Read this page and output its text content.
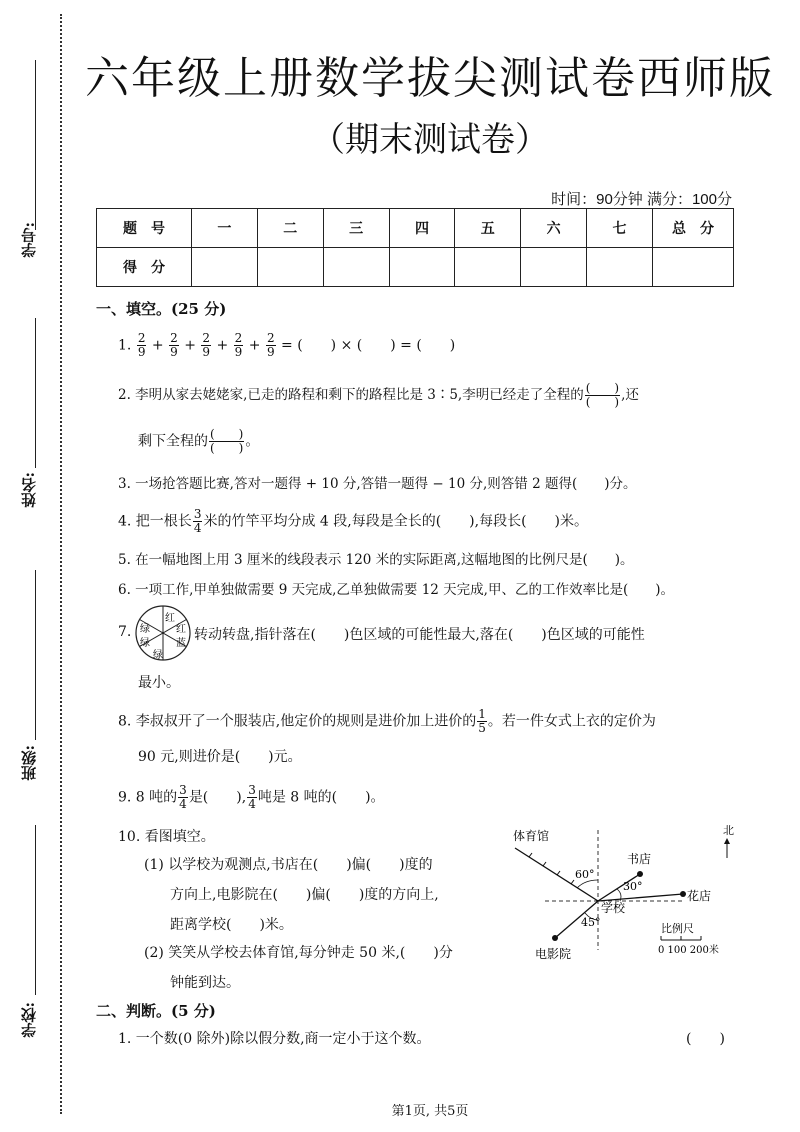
学号:
姓名:
班级:
学校:
六年级上册数学拔尖测试卷西师版
（期末测试卷）
时间：90分钟 满分：100分
题　号	一	二	三	四	五	六	七	总　分
得　分								
一、填空。(25 分)
1. $\frac{2}{9} + \frac{2}{9} + \frac{2}{9} + \frac{2}{9} + \frac{2}{9}$ = (　　) × (　　) = (　　)
2. 李明从家去姥姥家,已走的路程和剩下的路程比是 3∶5,李明已经走了全程的 $\frac{( )}{( )}$ ,还
剩下全程的 $\frac{( )}{( )}$ 。
3. 一场抢答题比赛,答对一题得 + 10 分,答错一题得 − 10 分,则答错 2 题得(　　)分。
4. 把一根长 $\frac{3}{4}$ 米的竹竿平均分成 4 段,每段是全长的(　　),每段长(　　)米。
5. 在一幅地图上用 3 厘米的线段表示 120 米的实际距离,这幅地图的比例尺是(　　)。
6. 一项工作,甲单独做需要 9 天完成,乙单独做需要 12 天完成,甲、乙的工作效率比是(　　)。
7.
红
红
绿
绿
绿
蓝
转动转盘,指针落在(　　)色区域的可能性最大,落在(　　)色区域的可能性
最小。
8. 李叔叔开了一个服装店,他定价的规则是进价加上进价的 $\frac{1}{5}$ 。若一件女式上衣的定价为
90 元,则进价是(　　)元。
9. 8 吨的 $\frac{3}{4}$ 是(　　), $\frac{3}{4}$ 吨是 8 吨的(　　)。
10. 看图填空。
(1) 以学校为观测点,书店在(　　)偏(　　)度的
方向上,电影院在(　　)偏(　　)度的方向上,
距离学校(　　)米。
(2) 笑笑从学校去体育馆,每分钟走 50 米,(　　)分
钟能到达。
体育馆
书店
花店
学校
电影院
60°
30°
45°
北
比例尺
0 100 200米
二、判断。(5 分)
1. 一个数(0 除外)除以假分数,商一定小于这个数。	(　　)
第1页, 共5页
